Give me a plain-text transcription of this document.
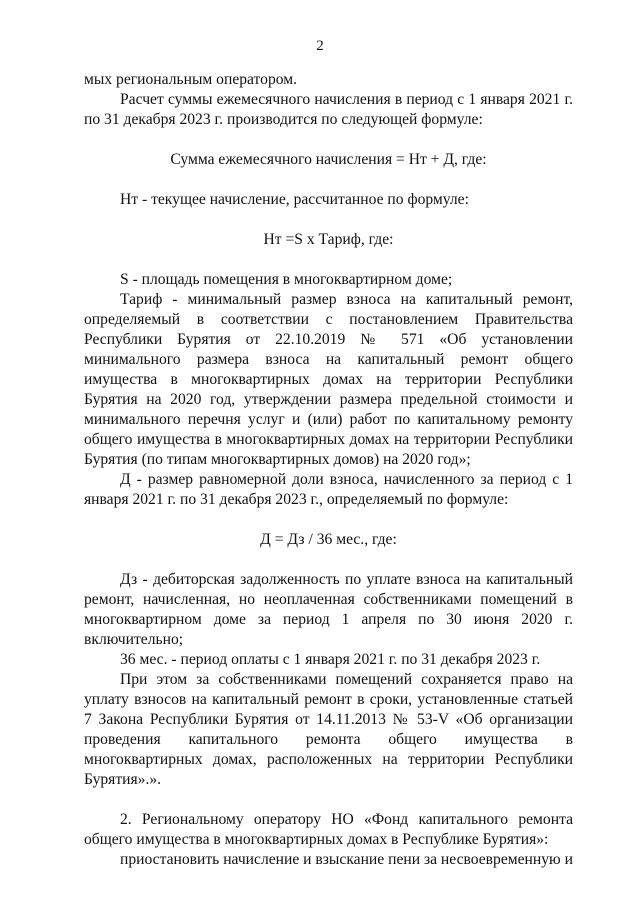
2

мых региональным оператором.

Расчет суммы ежемесячного начисления в период с 1 января 2021 г. по 31 декабря 2023 г. производится по следующей формуле:

Сумма ежемесячного начисления = Нт + Д, где:

Нт - текущее начисление, рассчитанное по формуле:

Нт =S х Тариф, где:

S - площадь помещения в многоквартирном доме;

Тариф - минимальный размер взноса на капитальный ремонт, определяемый в соответствии с постановлением Правительства Республики Бурятия от 22.10.2019 № 571 «Об установлении минимального размера взноса на капитальный ремонт общего имущества в многоквартирных домах на территории Республики Бурятия на 2020 год, утверждении размера предельной стоимости и минимального перечня услуг и (или) работ по капитальному ремонту общего имущества в многоквартирных домах на территории Республики Бурятия (по типам многоквартирных домов) на 2020 год»;

Д - размер равномерной доли взноса, начисленного за период с 1 января 2021 г. по 31 декабря 2023 г., определяемый по формуле:

Д = Дз / 36 мес., где:

Дз - дебиторская задолженность по уплате взноса на капитальный ремонт, начисленная, но неоплаченная собственниками помещений в многоквартирном доме за период 1 апреля по 30 июня 2020 г. включительно;

36 мес. - период оплаты с 1 января 2021 г. по 31 декабря 2023 г.

При этом за собственниками помещений сохраняется право на уплату взносов на капитальный ремонт в сроки, установленные статьей 7 Закона Республики Бурятия от 14.11.2013 № 53-V «Об организации проведения капитального ремонта общего имущества в многоквартирных домах, расположенных на территории Республики Бурятия».».

2. Региональному оператору НО «Фонд капитального ремонта общего имущества в многоквартирных домах в Республике Бурятия»:

приостановить начисление и взыскание пени за несвоевременную и
